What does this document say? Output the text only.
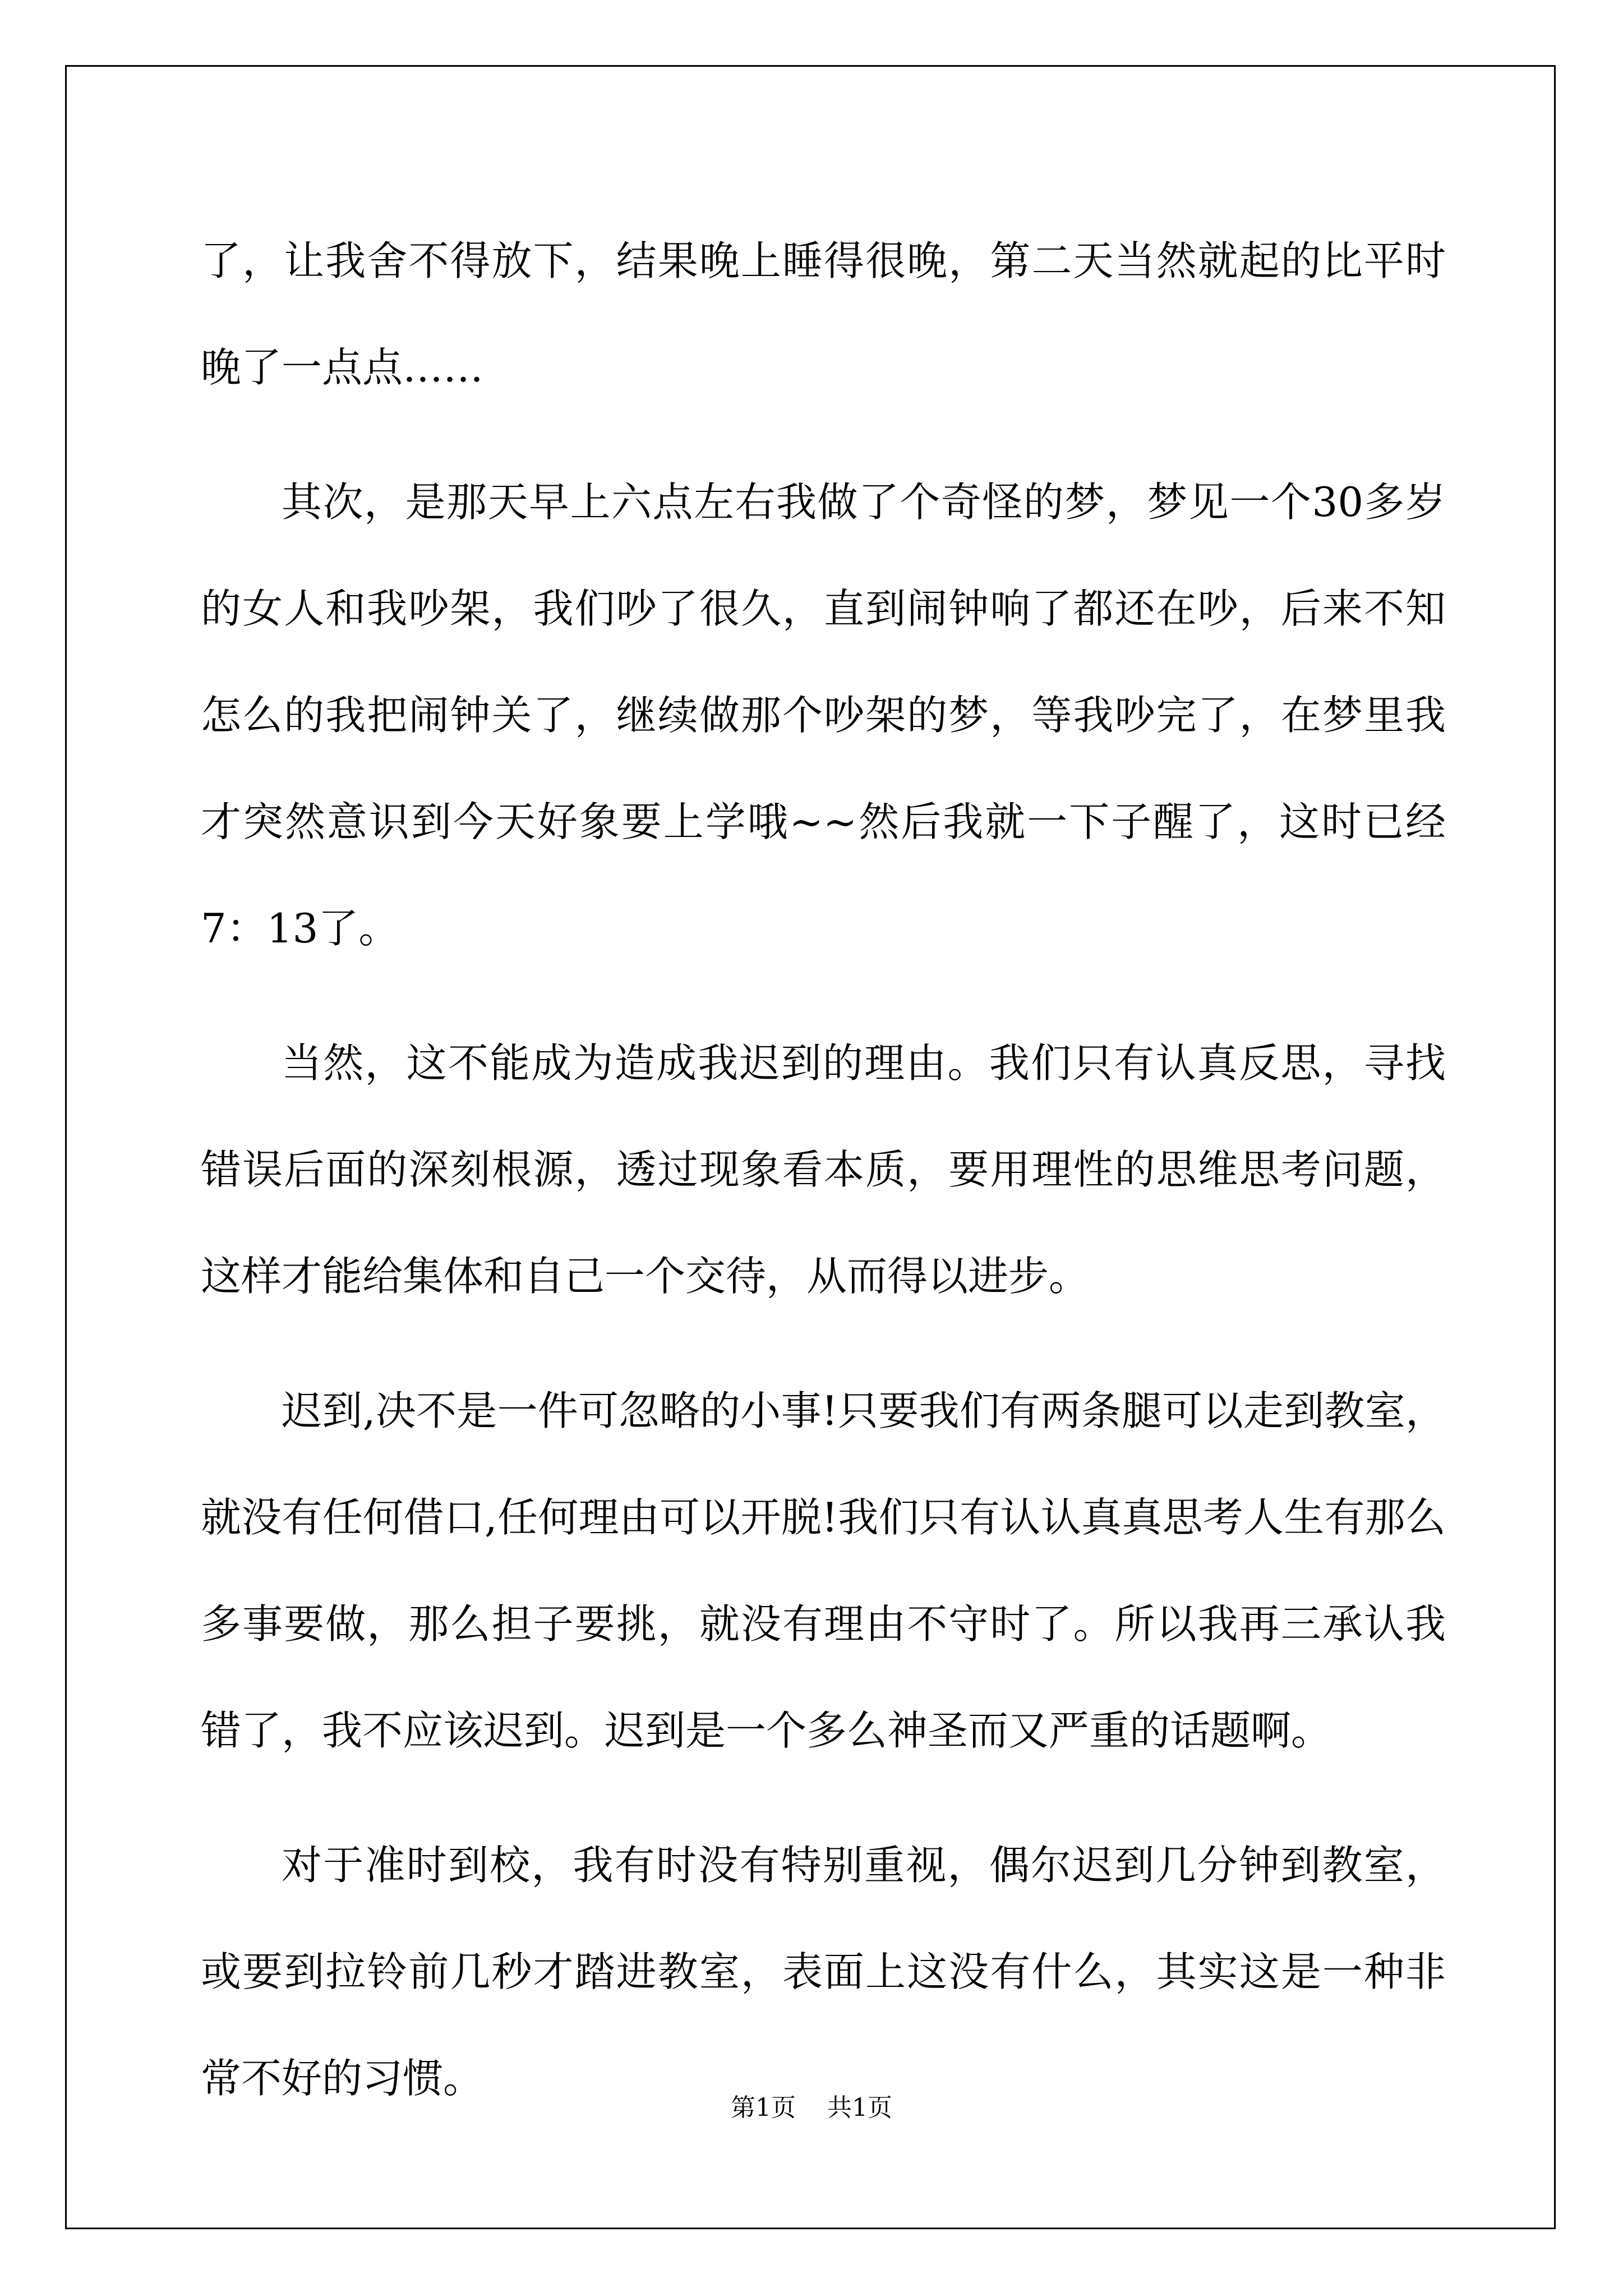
了，让我舍不得放下，结果晚上睡得很晚，第二天当然就起的比平时晚了一点点……

其次，是那天早上六点左右我做了个奇怪的梦，梦见一个30多岁的女人和我吵架，我们吵了很久，直到闹钟响了都还在吵，后来不知怎么的我把闹钟关了，继续做那个吵架的梦，等我吵完了，在梦里我才突然意识到今天好象要上学哦~~然后我就一下子醒了，这时已经7：13了。

当然，这不能成为造成我迟到的理由。我们只有认真反思，寻找错误后面的深刻根源，透过现象看本质，要用理性的思维思考问题，这样才能给集体和自己一个交待，从而得以进步。

迟到,决不是一件可忽略的小事!只要我们有两条腿可以走到教室，就没有任何借口,任何理由可以开脱!我们只有认认真真思考人生有那么多事要做，那么担子要挑，就没有理由不守时了。所以我再三承认我错了，我不应该迟到。迟到是一个多么神圣而又严重的话题啊。

对于准时到校，我有时没有特别重视，偶尔迟到几分钟到教室，或要到拉铃前几秒才踏进教室，表面上这没有什么，其实这是一种非常不好的习惯。

第1页 共1页
